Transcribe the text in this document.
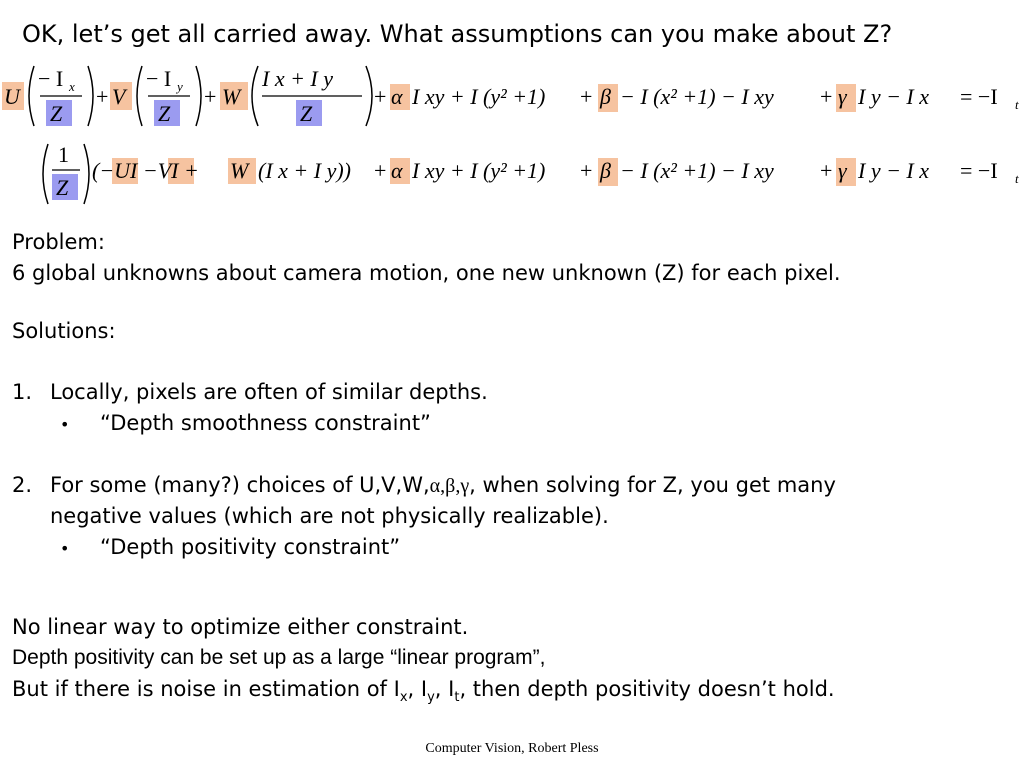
OK, let’s get all carried away. What assumptions can you make about Z?
U
− I x
Z
+ V
− I y
Z
+ W
I x + I y
Z
+ α I xy + I (y² +1) + β − I (x² +1) − I xy + γ I y − I x = −I t
1
Z
(−UI −VI + W (I x + I y)) + α I xy + I (y² +1) + β − I (x² +1) − I xy + γ I y − I x = −I t
Problem:
6 global unknowns about camera motion, one new unknown (Z) for each pixel.
Solutions:
1. Locally, pixels are often of similar depths.
• “Depth smoothness constraint”
2. For some (many?) choices of U,V,W,α,β,γ, when solving for Z, you get many
negative values (which are not physically realizable).
• “Depth positivity constraint”
No linear way to optimize either constraint.
Depth positivity can be set up as a large “linear program”,
But if there is noise in estimation of $I_x$, $I_y$, $I_t$, then depth positivity doesn’t hold.
Computer Vision, Robert Pless
